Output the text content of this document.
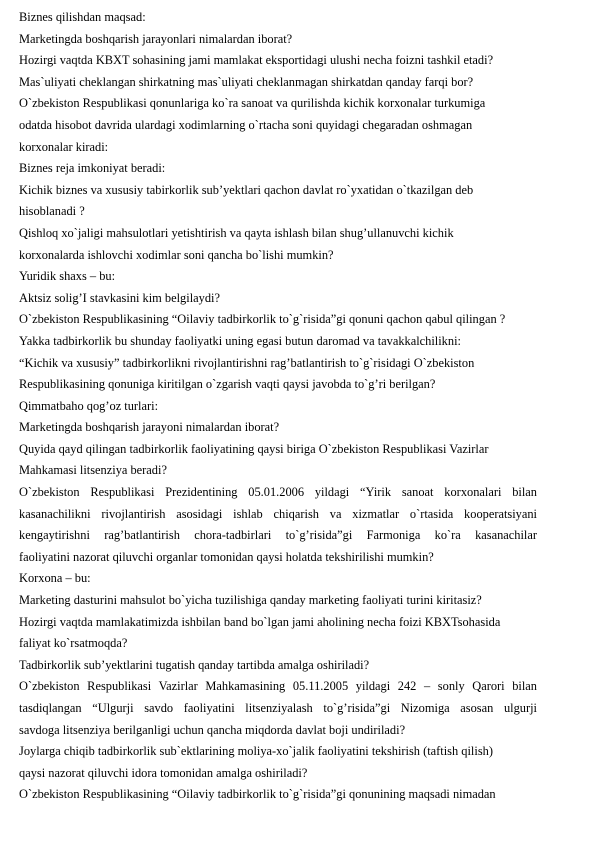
Biznes qilishdan maqsad:
Marketingda boshqarish jarayonlari nimalardan iborat?
Hozirgi vaqtda KBXT sohasining jami mamlakat eksportidagi ulushi necha foizni tashkil etadi?
Mas`uliyati cheklangan shirkatning mas`uliyati cheklanmagan shirkatdan qanday farqi bor?
O`zbekiston Respublikasi qonunlariga ko`ra sanoat va qurilishda kichik korxonalar turkumiga
odatda hisobot davrida ulardagi xodimlarning o`rtacha soni quyidagi chegaradan oshmagan
korxonalar kiradi:
Biznes reja imkoniyat beradi:
Kichik biznes va xususiy tabirkorlik sub’yektlari qachon davlat ro`yxatidan o`tkazilgan deb
hisoblanadi ?
Qishloq xo`jaligi mahsulotlari yetishtirish va qayta ishlash bilan shug’ullanuvchi kichik
korxonalarda ishlovchi xodimlar soni qancha bo`lishi mumkin?
Yuridik shaxs – bu:
Aktsiz solig’I stavkasini kim belgilaydi?
O`zbekiston Respublikasining “Oilaviy tadbirkorlik to`g`risida”gi qonuni qachon qabul qilingan ?
Yakka tadbirkorlik bu shunday faoliyatki uning egasi butun daromad va tavakkalchilikni:
“Kichik va xususiy” tadbirkorlikni rivojlantirishni rag’batlantirish to`g`risidagi O`zbekiston
Respublikasining qonuniga kiritilgan o`zgarish vaqti qaysi javobda to`g’ri berilgan?
Qimmatbaho qog’oz turlari:
Marketingda boshqarish jarayoni nimalardan iborat?
Quyida qayd qilingan tadbirkorlik faoliyatining qaysi biriga O`zbekiston Respublikasi Vazirlar
Mahkamasi litsenziya beradi?
O`zbekiston Respublikasi Prezidentining 05.01.2006 yildagi “Yirik sanoat korxonalari bilan
kasanachilikni rivojlantirish asosidagi ishlab chiqarish va xizmatlar o`rtasida kooperatsiyani
kengaytirishni rag’batlantirish chora-tadbirlari to`g’risida”gi Farmoniga ko`ra kasanachilar
faoliyatini nazorat qiluvchi organlar tomonidan qaysi holatda tekshirilishi mumkin?
Korxona – bu:
Marketing dasturini mahsulot bo`yicha tuzilishiga qanday marketing faoliyati turini kiritasiz?
Hozirgi vaqtda mamlakatimizda ishbilan band bo`lgan jami aholining necha foizi KBXTsohasida
faliyat ko`rsatmoqda?
Tadbirkorlik sub’yektlarini tugatish qanday tartibda amalga oshiriladi?
O`zbekiston Respublikasi Vazirlar Mahkamasining 05.11.2005 yildagi 242 – sonly Qarori bilan
tasdiqlangan “Ulgurji savdo faoliyatini litsenziyalash to`g’risida”gi Nizomiga asosan ulgurji
savdoga litsenziya berilganligi uchun qancha miqdorda davlat boji undiriladi?
Joylarga chiqib tadbirkorlik sub`ektlarining moliya-xo`jalik faoliyatini tekshirish (taftish qilish)
qaysi nazorat qiluvchi idora tomonidan amalga oshiriladi?
O`zbekiston Respublikasining “Oilaviy tadbirkorlik to`g`risida”gi qonunining maqsadi nimadan
